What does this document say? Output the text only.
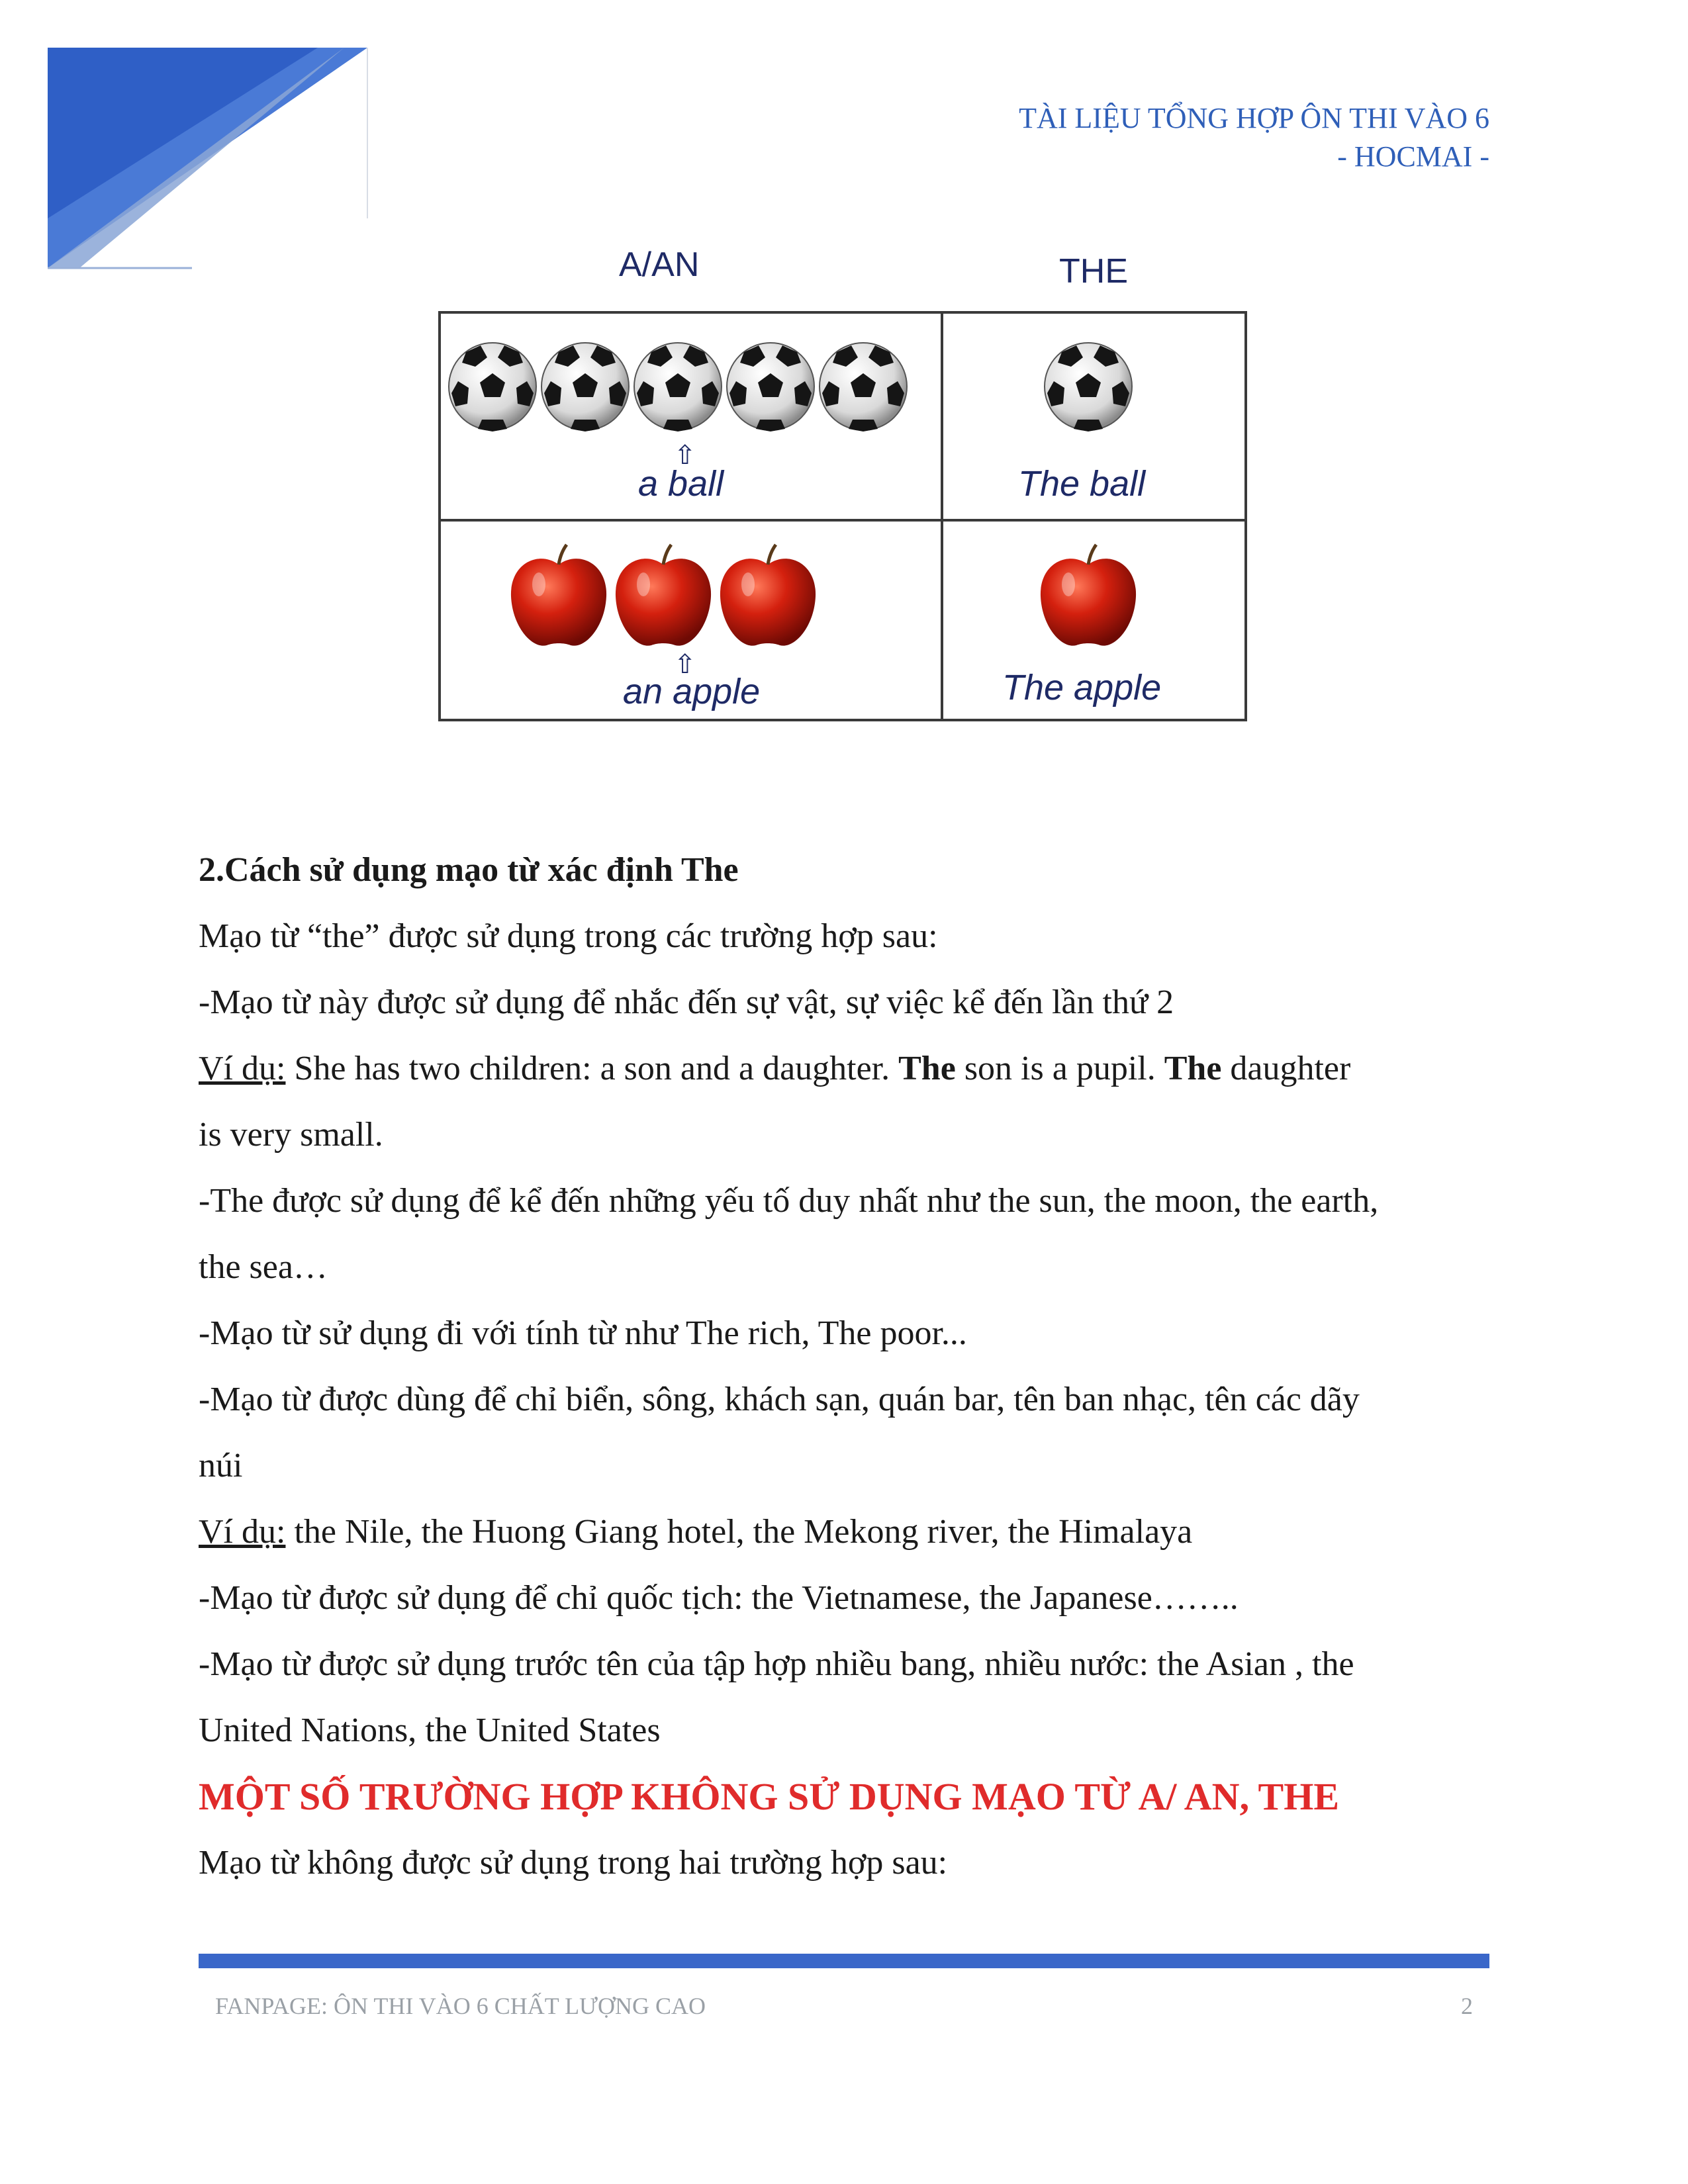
TÀI LIỆU TỔNG HỢP ÔN THI VÀO 6
- HOCMAI -
A/AN	THE
⇧
a ball	The ball
⇧
an apple	The apple

2.Cách sử dụng mạo từ xác định The

Mạo từ “the” được sử dụng trong các trường hợp sau:

-Mạo từ này được sử dụng để nhắc đến sự vật, sự việc kể đến lần thứ 2

Ví dụ: She has two children: a son and a daughter. The son is a pupil. The daughter

is very small.

-The được sử dụng để kể đến những yếu tố duy nhất như the sun, the moon, the earth,

the sea…

-Mạo từ sử dụng đi với tính từ như The rich, The poor...

-Mạo từ được dùng để chỉ biển, sông, khách sạn, quán bar, tên ban nhạc, tên các dãy

núi

Ví dụ: the Nile, the Huong Giang hotel, the Mekong river, the Himalaya

-Mạo từ được sử dụng để chỉ quốc tịch: the Vietnamese, the Japanese……..

-Mạo từ được sử dụng trước tên của tập hợp nhiều bang, nhiều nước: the Asian , the

United Nations, the United States

MỘT SỐ TRƯỜNG HỢP KHÔNG SỬ DỤNG MẠO TỪ A/ AN, THE

Mạo từ không được sử dụng trong hai trường hợp sau:

FANPAGE: ÔN THI VÀO 6 CHẤT LƯỢNG CAO	2
